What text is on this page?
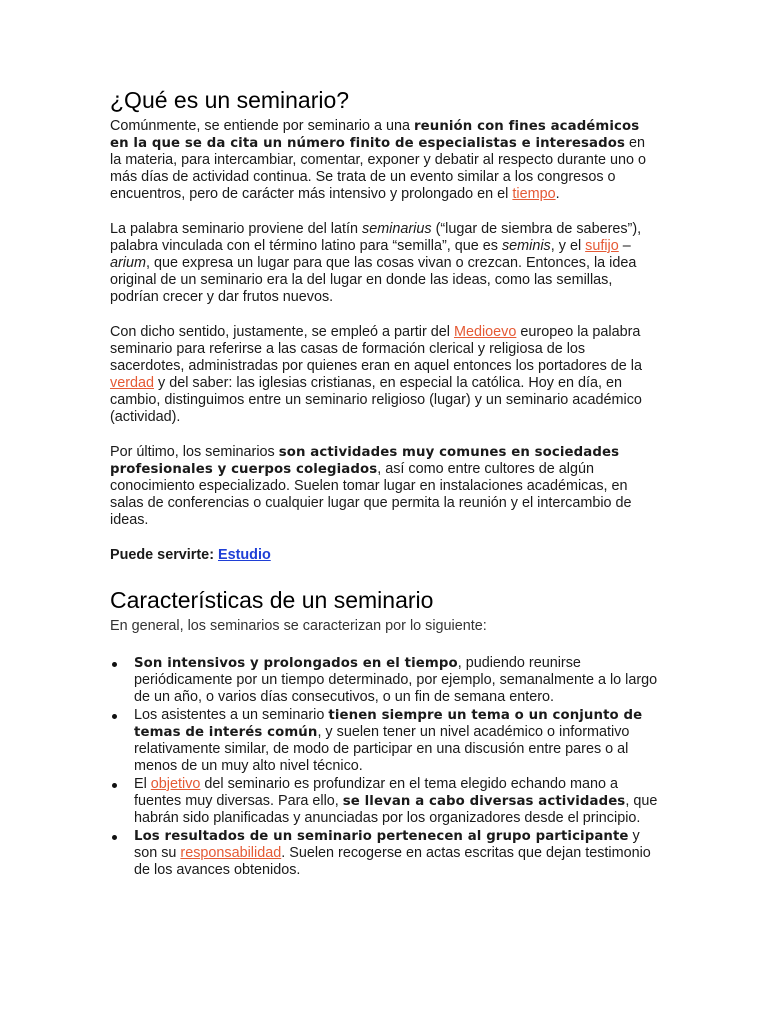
¿Qué es un seminario?

Comúnmente, se entiende por seminario a una reunión con fines académicos en la que se da cita un número finito de especialistas e interesados en la materia, para intercambiar, comentar, exponer y debatir al respecto durante uno o más días de actividad continua. Se trata de un evento similar a los congresos o encuentros, pero de carácter más intensivo y prolongado en el tiempo.

La palabra seminario proviene del latín seminarius (“lugar de siembra de saberes”), palabra vinculada con el término latino para “semilla”, que es seminis, y el sufijo –arium, que expresa un lugar para que las cosas vivan o crezcan. Entonces, la idea original de un seminario era la del lugar en donde las ideas, como las semillas, podrían crecer y dar frutos nuevos.

Con dicho sentido, justamente, se empleó a partir del Medioevo europeo la palabra seminario para referirse a las casas de formación clerical y religiosa de los sacerdotes, administradas por quienes eran en aquel entonces los portadores de la verdad y del saber: las iglesias cristianas, en especial la católica. Hoy en día, en cambio, distinguimos entre un seminario religioso (lugar) y un seminario académico (actividad).

Por último, los seminarios son actividades muy comunes en sociedades profesionales y cuerpos colegiados, así como entre cultores de algún conocimiento especializado. Suelen tomar lugar en instalaciones académicas, en salas de conferencias o cualquier lugar que permita la reunión y el intercambio de ideas.

Puede servirte: Estudio

Características de un seminario

En general, los seminarios se caracterizan por lo siguiente:

Son intensivos y prolongados en el tiempo, pudiendo reunirse periódicamente por un tiempo determinado, por ejemplo, semanalmente a lo largo de un año, o varios días consecutivos, o un fin de semana entero.
Los asistentes a un seminario tienen siempre un tema o un conjunto de temas de interés común, y suelen tener un nivel académico o informativo relativamente similar, de modo de participar en una discusión entre pares o al menos de un muy alto nivel técnico.
El objetivo del seminario es profundizar en el tema elegido echando mano a fuentes muy diversas. Para ello, se llevan a cabo diversas actividades, que habrán sido planificadas y anunciadas por los organizadores desde el principio.
Los resultados de un seminario pertenecen al grupo participante y son su responsabilidad. Suelen recogerse en actas escritas que dejan testimonio de los avances obtenidos.
